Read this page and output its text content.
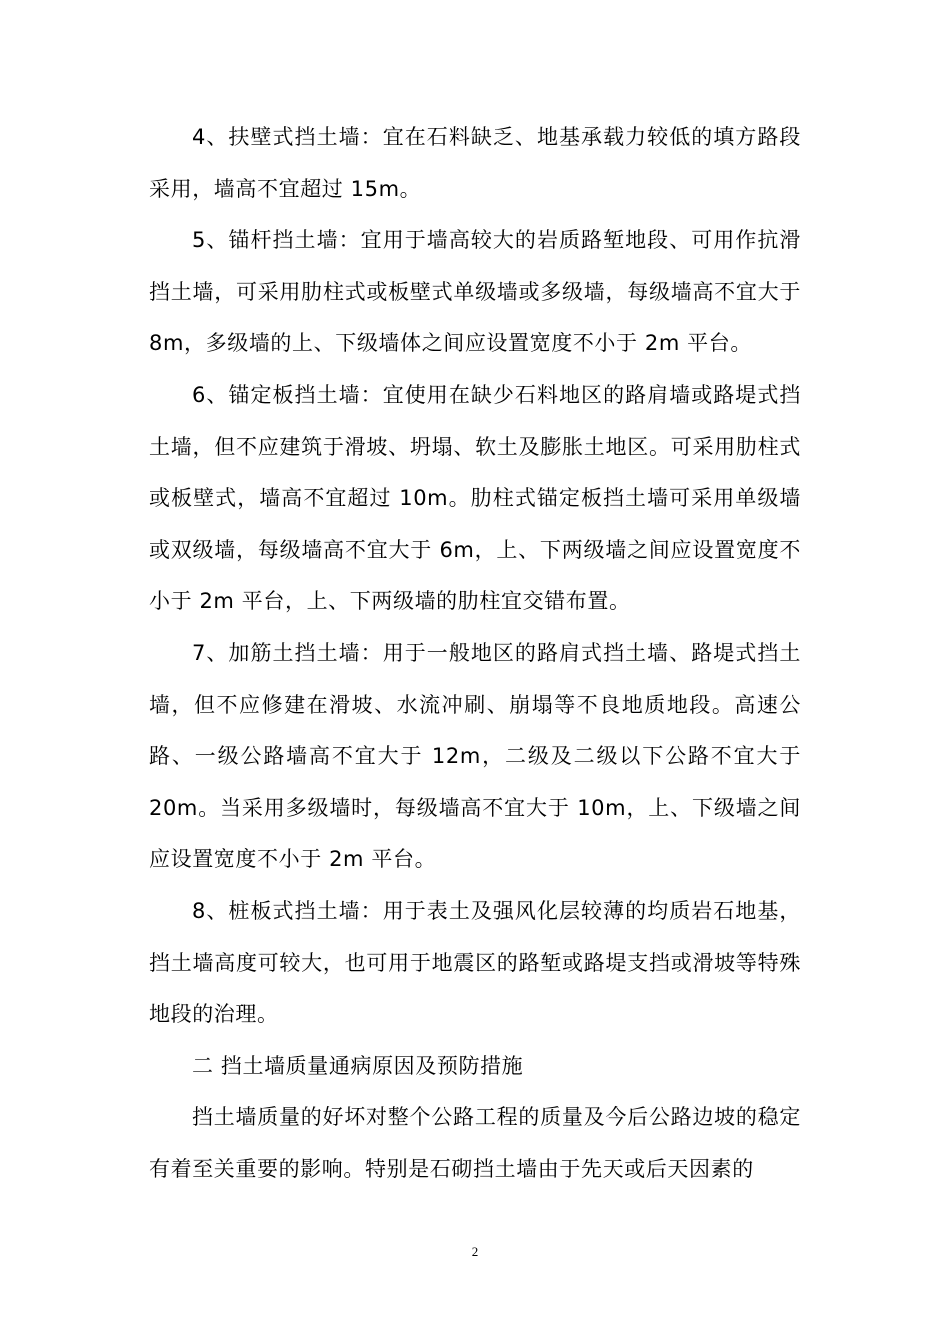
4、扶壁式挡土墙：宜在石料缺乏、地基承载力较低的填方路段采用，墙高不宜超过 15m。

5、锚杆挡土墙：宜用于墙高较大的岩质路堑地段、可用作抗滑挡土墙，可采用肋柱式或板壁式单级墙或多级墙，每级墙高不宜大于 8m，多级墙的上、下级墙体之间应设置宽度不小于 2m 平台。

6、锚定板挡土墙：宜使用在缺少石料地区的路肩墙或路堤式挡土墙，但不应建筑于滑坡、坍塌、软土及膨胀土地区。可采用肋柱式或板壁式，墙高不宜超过 10m。肋柱式锚定板挡土墙可采用单级墙或双级墙，每级墙高不宜大于 6m，上、下两级墙之间应设置宽度不小于 2m 平台，上、下两级墙的肋柱宜交错布置。

7、加筋土挡土墙：用于一般地区的路肩式挡土墙、路堤式挡土墙，但不应修建在滑坡、水流冲刷、崩塌等不良地质地段。高速公路、一级公路墙高不宜大于 12m，二级及二级以下公路不宜大于 20m。当采用多级墙时，每级墙高不宜大于 10m，上、下级墙之间应设置宽度不小于 2m 平台。

8、桩板式挡土墙：用于表土及强风化层较薄的均质岩石地基，挡土墙高度可较大，也可用于地震区的路堑或路堤支挡或滑坡等特殊地段的治理。

二 挡土墙质量通病原因及预防措施

挡土墙质量的好坏对整个公路工程的质量及今后公路边坡的稳定有着至关重要的影响。特别是石砌挡土墙由于先天或后天因素的

2
